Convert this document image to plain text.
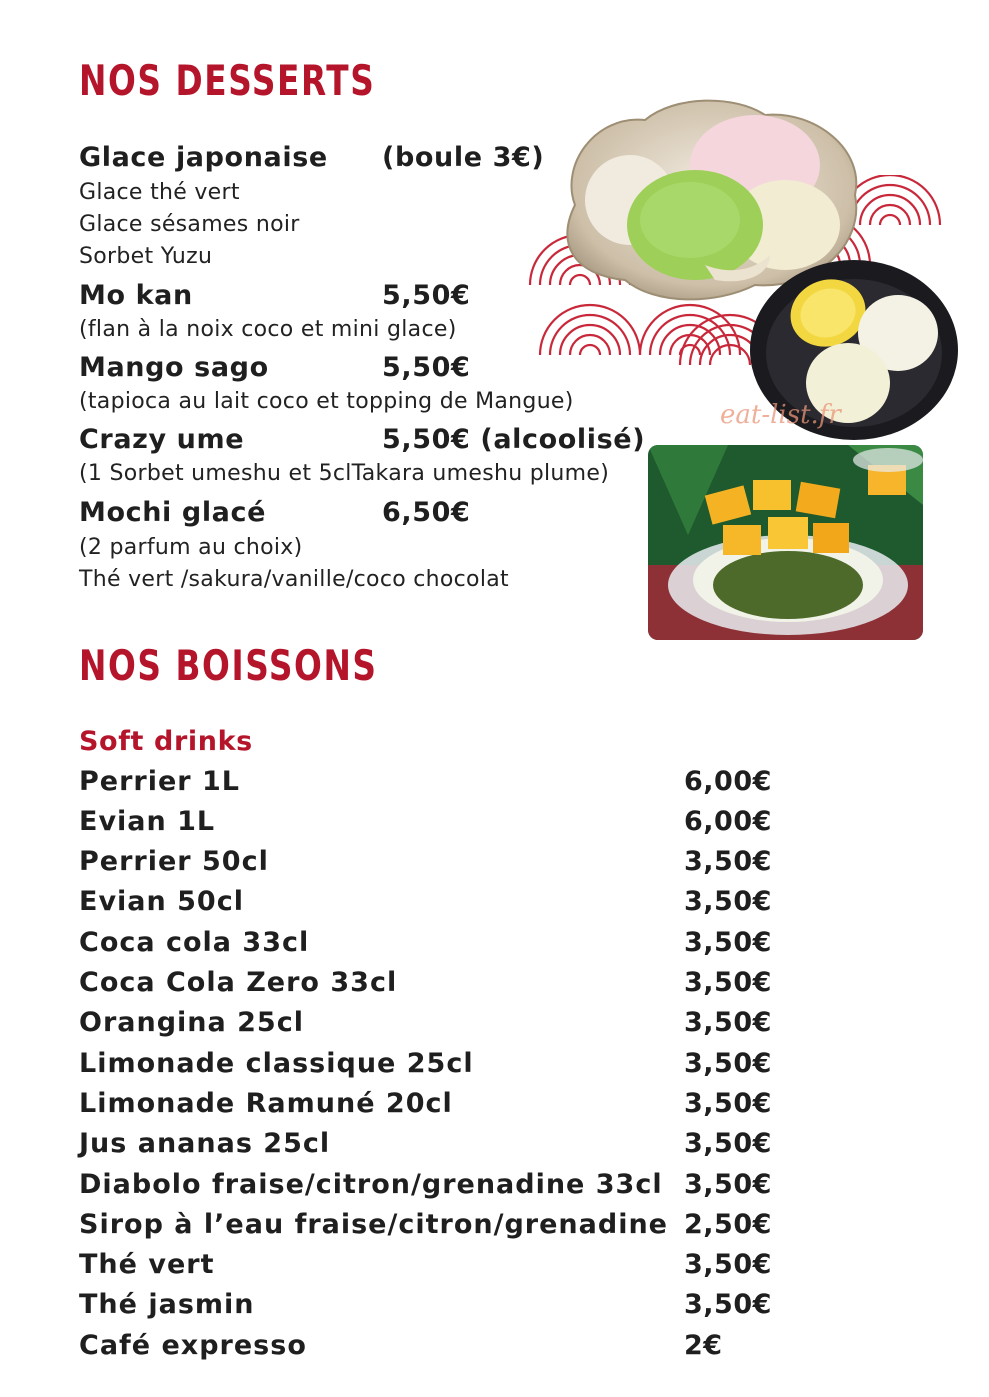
eat-list.fr
NOS DESSERTS
Glace japonaise (boule 3€)
Glace thé vert
Glace sésames noir
Sorbet Yuzu
Mo kan	5,50€
(flan à la noix coco et mini glace)
Mango sago	5,50€
(tapioca au lait coco et topping de Mangue)
Crazy ume	5,50€ (alcoolisé)
(1 Sorbet umeshu et 5clTakara umeshu plume)
Mochi glacé	6,50€
(2 parfum au choix)
Thé vert /sakura/vanille/coco chocolat
NOS BOISSONS
Soft drinks
Perrier 1L	6,00€
Evian 1L	6,00€
Perrier 50cl	3,50€
Evian 50cl	3,50€
Coca cola 33cl	3,50€
Coca Cola Zero 33cl	3,50€
Orangina 25cl	3,50€
Limonade classique 25cl	3,50€
Limonade Ramuné 20cl	3,50€
Jus ananas 25cl	3,50€
Diabolo fraise/citron/grenadine 33cl 3,50€
Sirop à l’eau fraise/citron/grenadine 2,50€
Thé vert	3,50€
Thé jasmin	3,50€
Café expresso	2€
